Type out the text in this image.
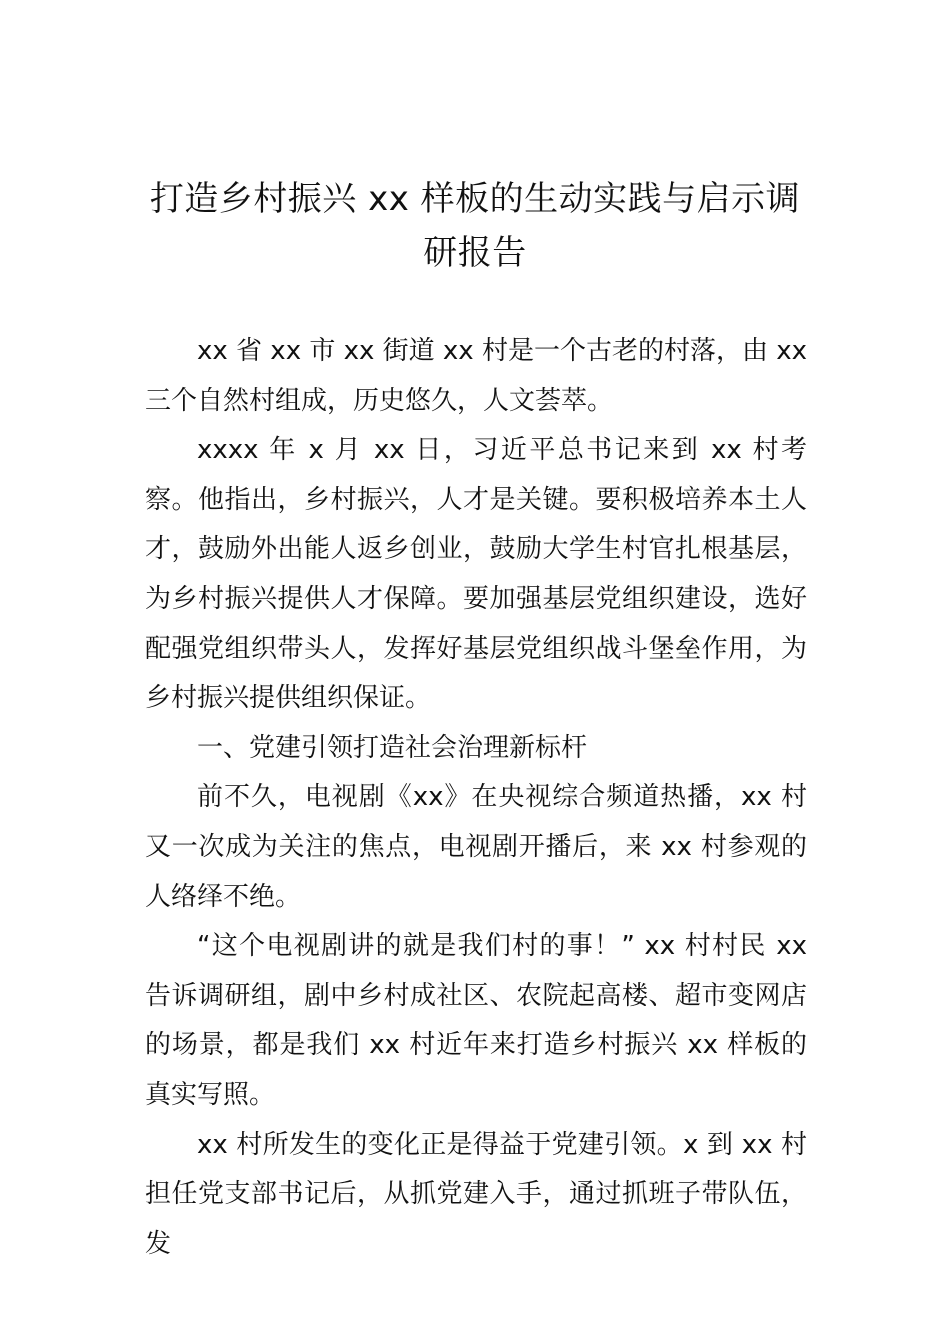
打造乡村振兴 xx 样板的生动实践与启示调
研报告

xx 省 xx 市 xx 街道 xx 村是一个古老的村落，由 xx 三个自然村组成，历史悠久，人文荟萃。

xxxx 年 x 月 xx 日，习近平总书记来到 xx 村考察。他指出，乡村振兴，人才是关键。要积极培养本土人才，鼓励外出能人返乡创业，鼓励大学生村官扎根基层，为乡村振兴提供人才保障。要加强基层党组织建设，选好配强党组织带头人，发挥好基层党组织战斗堡垒作用，为乡村振兴提供组织保证。

一、党建引领打造社会治理新标杆

前不久，电视剧《xx》在央视综合频道热播，xx 村又一次成为关注的焦点，电视剧开播后，来 xx 村参观的人络绎不绝。

“这个电视剧讲的就是我们村的事！” xx 村村民 xx 告诉调研组，剧中乡村成社区、农院起高楼、超市变网店的场景，都是我们 xx 村近年来打造乡村振兴 xx 样板的真实写照。

xx 村所发生的变化正是得益于党建引领。x 到 xx 村担任党支部书记后，从抓党建入手，通过抓班子带队伍，发
